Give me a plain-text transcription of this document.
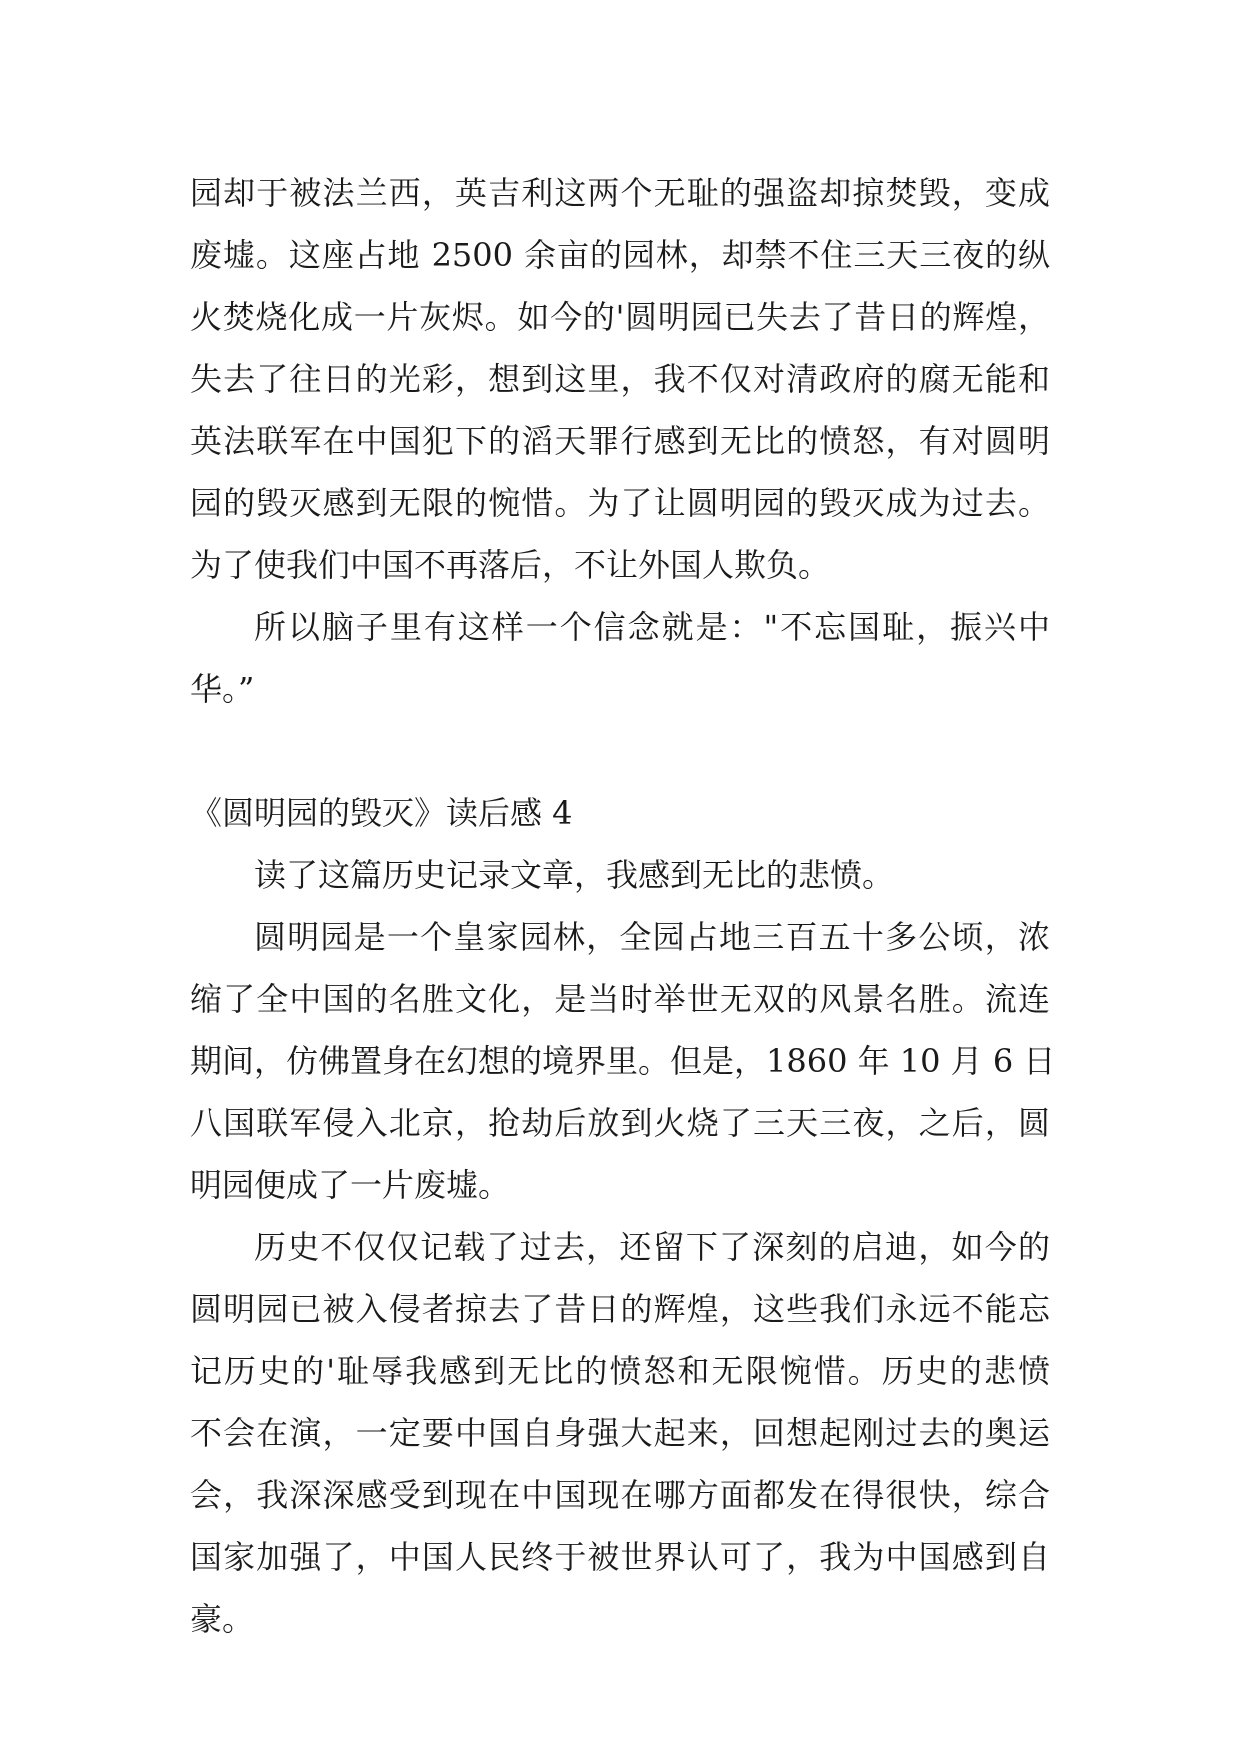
园却于被法兰西，英吉利这两个无耻的强盗却掠焚毁，变成
废墟。这座占地 2500 余亩的园林，却禁不住三天三夜的纵
火焚烧化成一片灰烬。如今的'圆明园已失去了昔日的辉煌，
失去了往日的光彩，想到这里，我不仅对清政府的腐无能和
英法联军在中国犯下的滔天罪行感到无比的愤怒，有对圆明
园的毁灭感到无限的惋惜。为了让圆明园的毁灭成为过去。
为了使我们中国不再落后，不让外国人欺负。
所以脑子里有这样一个信念就是："不忘国耻，振兴中
华。”
《圆明园的毁灭》读后感 4
读了这篇历史记录文章，我感到无比的悲愤。
圆明园是一个皇家园林，全园占地三百五十多公顷，浓
缩了全中国的名胜文化，是当时举世无双的风景名胜。流连
期间，仿佛置身在幻想的境界里。但是，1860 年 10 月 6 日
八国联军侵入北京，抢劫后放到火烧了三天三夜，之后，圆
明园便成了一片废墟。
历史不仅仅记载了过去，还留下了深刻的启迪，如今的
圆明园已被入侵者掠去了昔日的辉煌，这些我们永远不能忘
记历史的'耻辱我感到无比的愤怒和无限惋惜。历史的悲愤
不会在演，一定要中国自身强大起来，回想起刚过去的奥运
会，我深深感受到现在中国现在哪方面都发在得很快，综合
国家加强了，中国人民终于被世界认可了，我为中国感到自
豪。
